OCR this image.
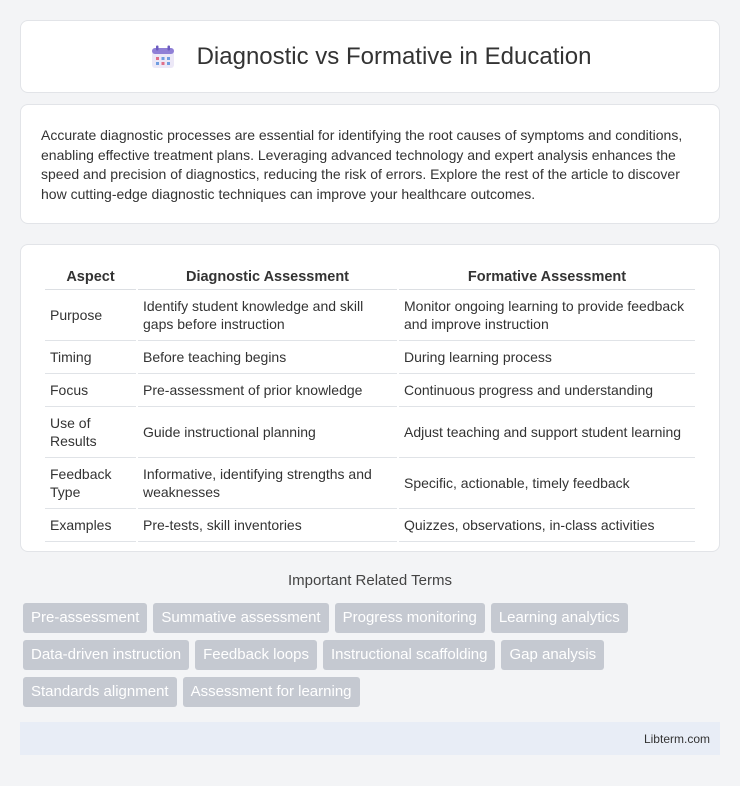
Diagnostic vs Formative in Education

Accurate diagnostic processes are essential for identifying the root causes of symptoms and conditions, enabling effective treatment plans. Leveraging advanced technology and expert analysis enhances the speed and precision of diagnostics, reducing the risk of errors. Explore the rest of the article to discover how cutting-edge diagnostic techniques can improve your healthcare outcomes.

Aspect	Diagnostic Assessment	Formative Assessment
Purpose	Identify student knowledge and skill gaps before instruction	Monitor ongoing learning to provide feedback and improve instruction
Timing	Before teaching begins	During learning process
Focus	Pre-assessment of prior knowledge	Continuous progress and understanding
Use of Results	Guide instructional planning	Adjust teaching and support student learning
Feedback Type	Informative, identifying strengths and weaknesses	Specific, actionable, timely feedback
Examples	Pre-tests, skill inventories	Quizzes, observations, in-class activities
Important Related Terms
Pre-assessment	Summative assessment	Progress monitoring	Learning analytics
Data-driven instruction	Feedback loops	Instructional scaffolding	Gap analysis
Standards alignment	Assessment for learning
Libterm.com
